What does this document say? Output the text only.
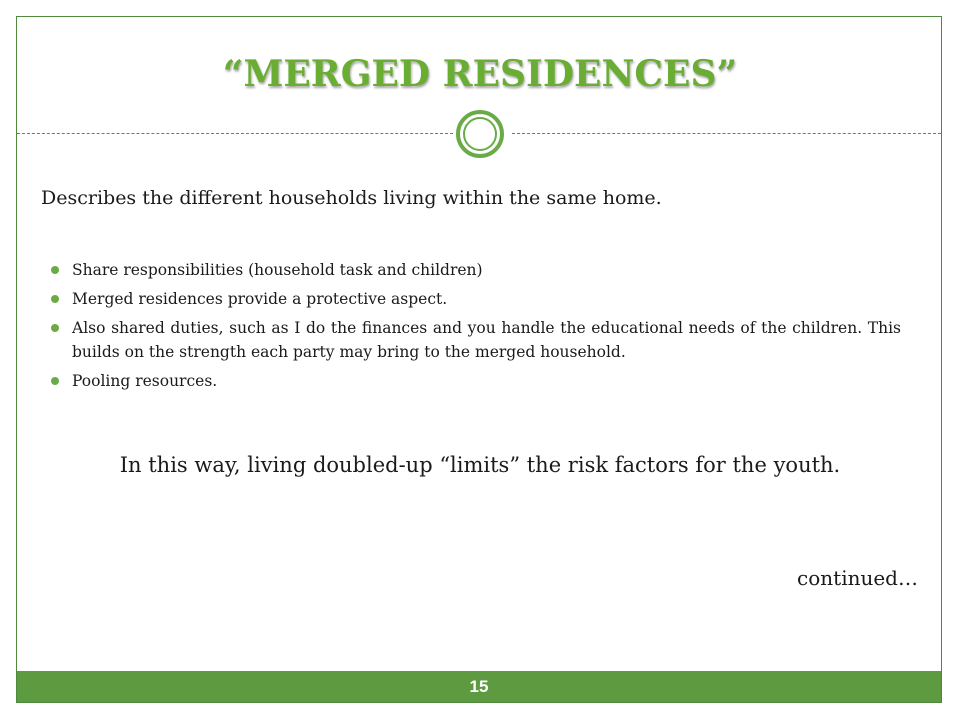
“MERGED RESIDENCES”
Describes the different households living within the same home.
Share responsibilities (household task and children)
Merged residences provide a protective aspect.
Also shared duties, such as I do the finances and you handle the educational needs of the children. This builds on the strength each party may bring to the merged household.
Pooling resources.
In this way, living doubled-up “limits” the risk factors for the youth.
continued…
15
